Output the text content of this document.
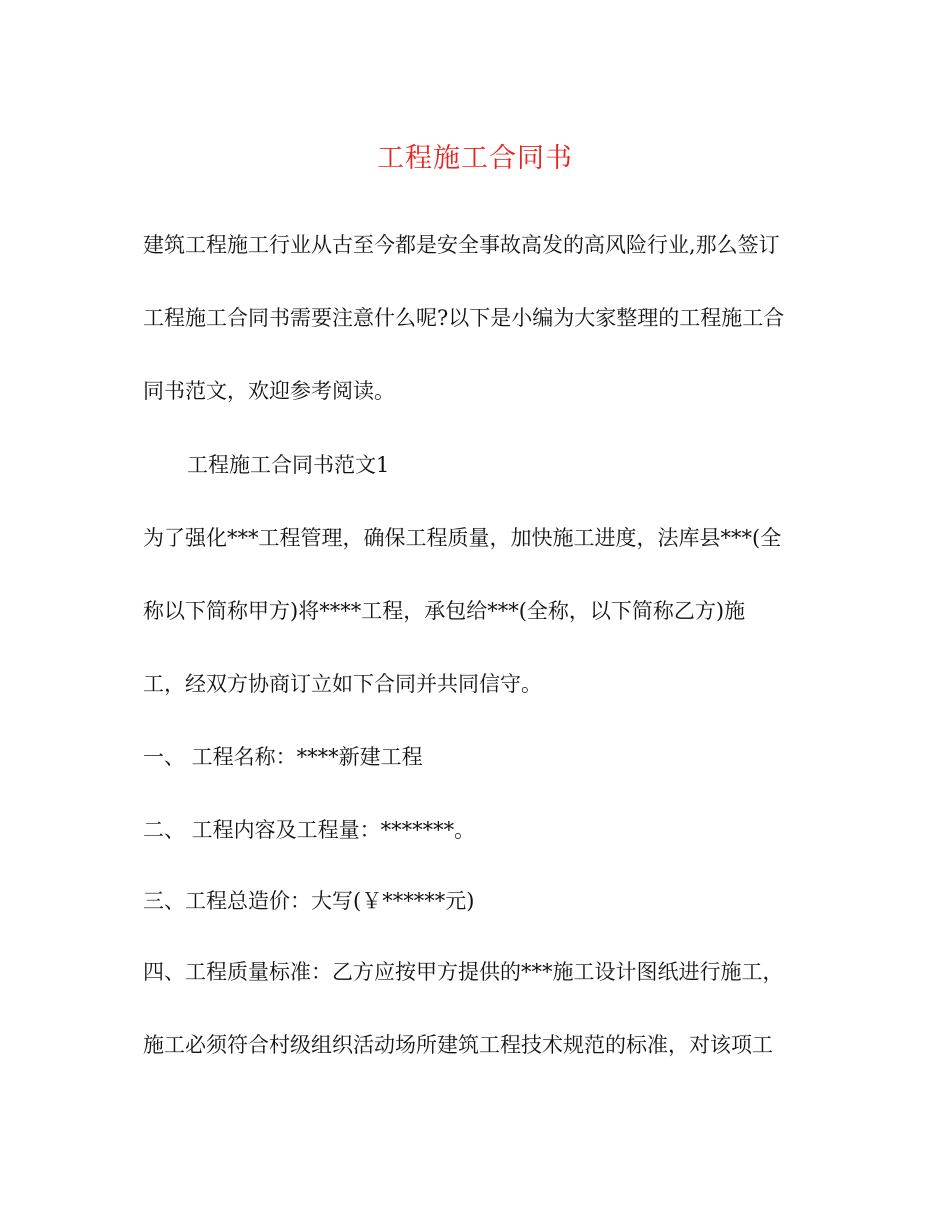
工程施工合同书

建筑工程施工行业从古至今都是安全事故高发的高风险行业,那么签订

工程施工合同书需要注意什么呢?以下是小编为大家整理的工程施工合

同书范文，欢迎参考阅读。

工程施工合同书范文1

为了强化***工程管理，确保工程质量，加快施工进度，法库县***(全

称以下简称甲方)将****工程，承包给***(全称，以下简称乙方)施

工，经双方协商订立如下合同并共同信守。

一、 工程名称：****新建工程

二、 工程内容及工程量：*******。

三、工程总造价：大写(￥******元)

四、工程质量标准：乙方应按甲方提供的***施工设计图纸进行施工，

施工必须符合村级组织活动场所建筑工程技术规范的标准，对该项工
